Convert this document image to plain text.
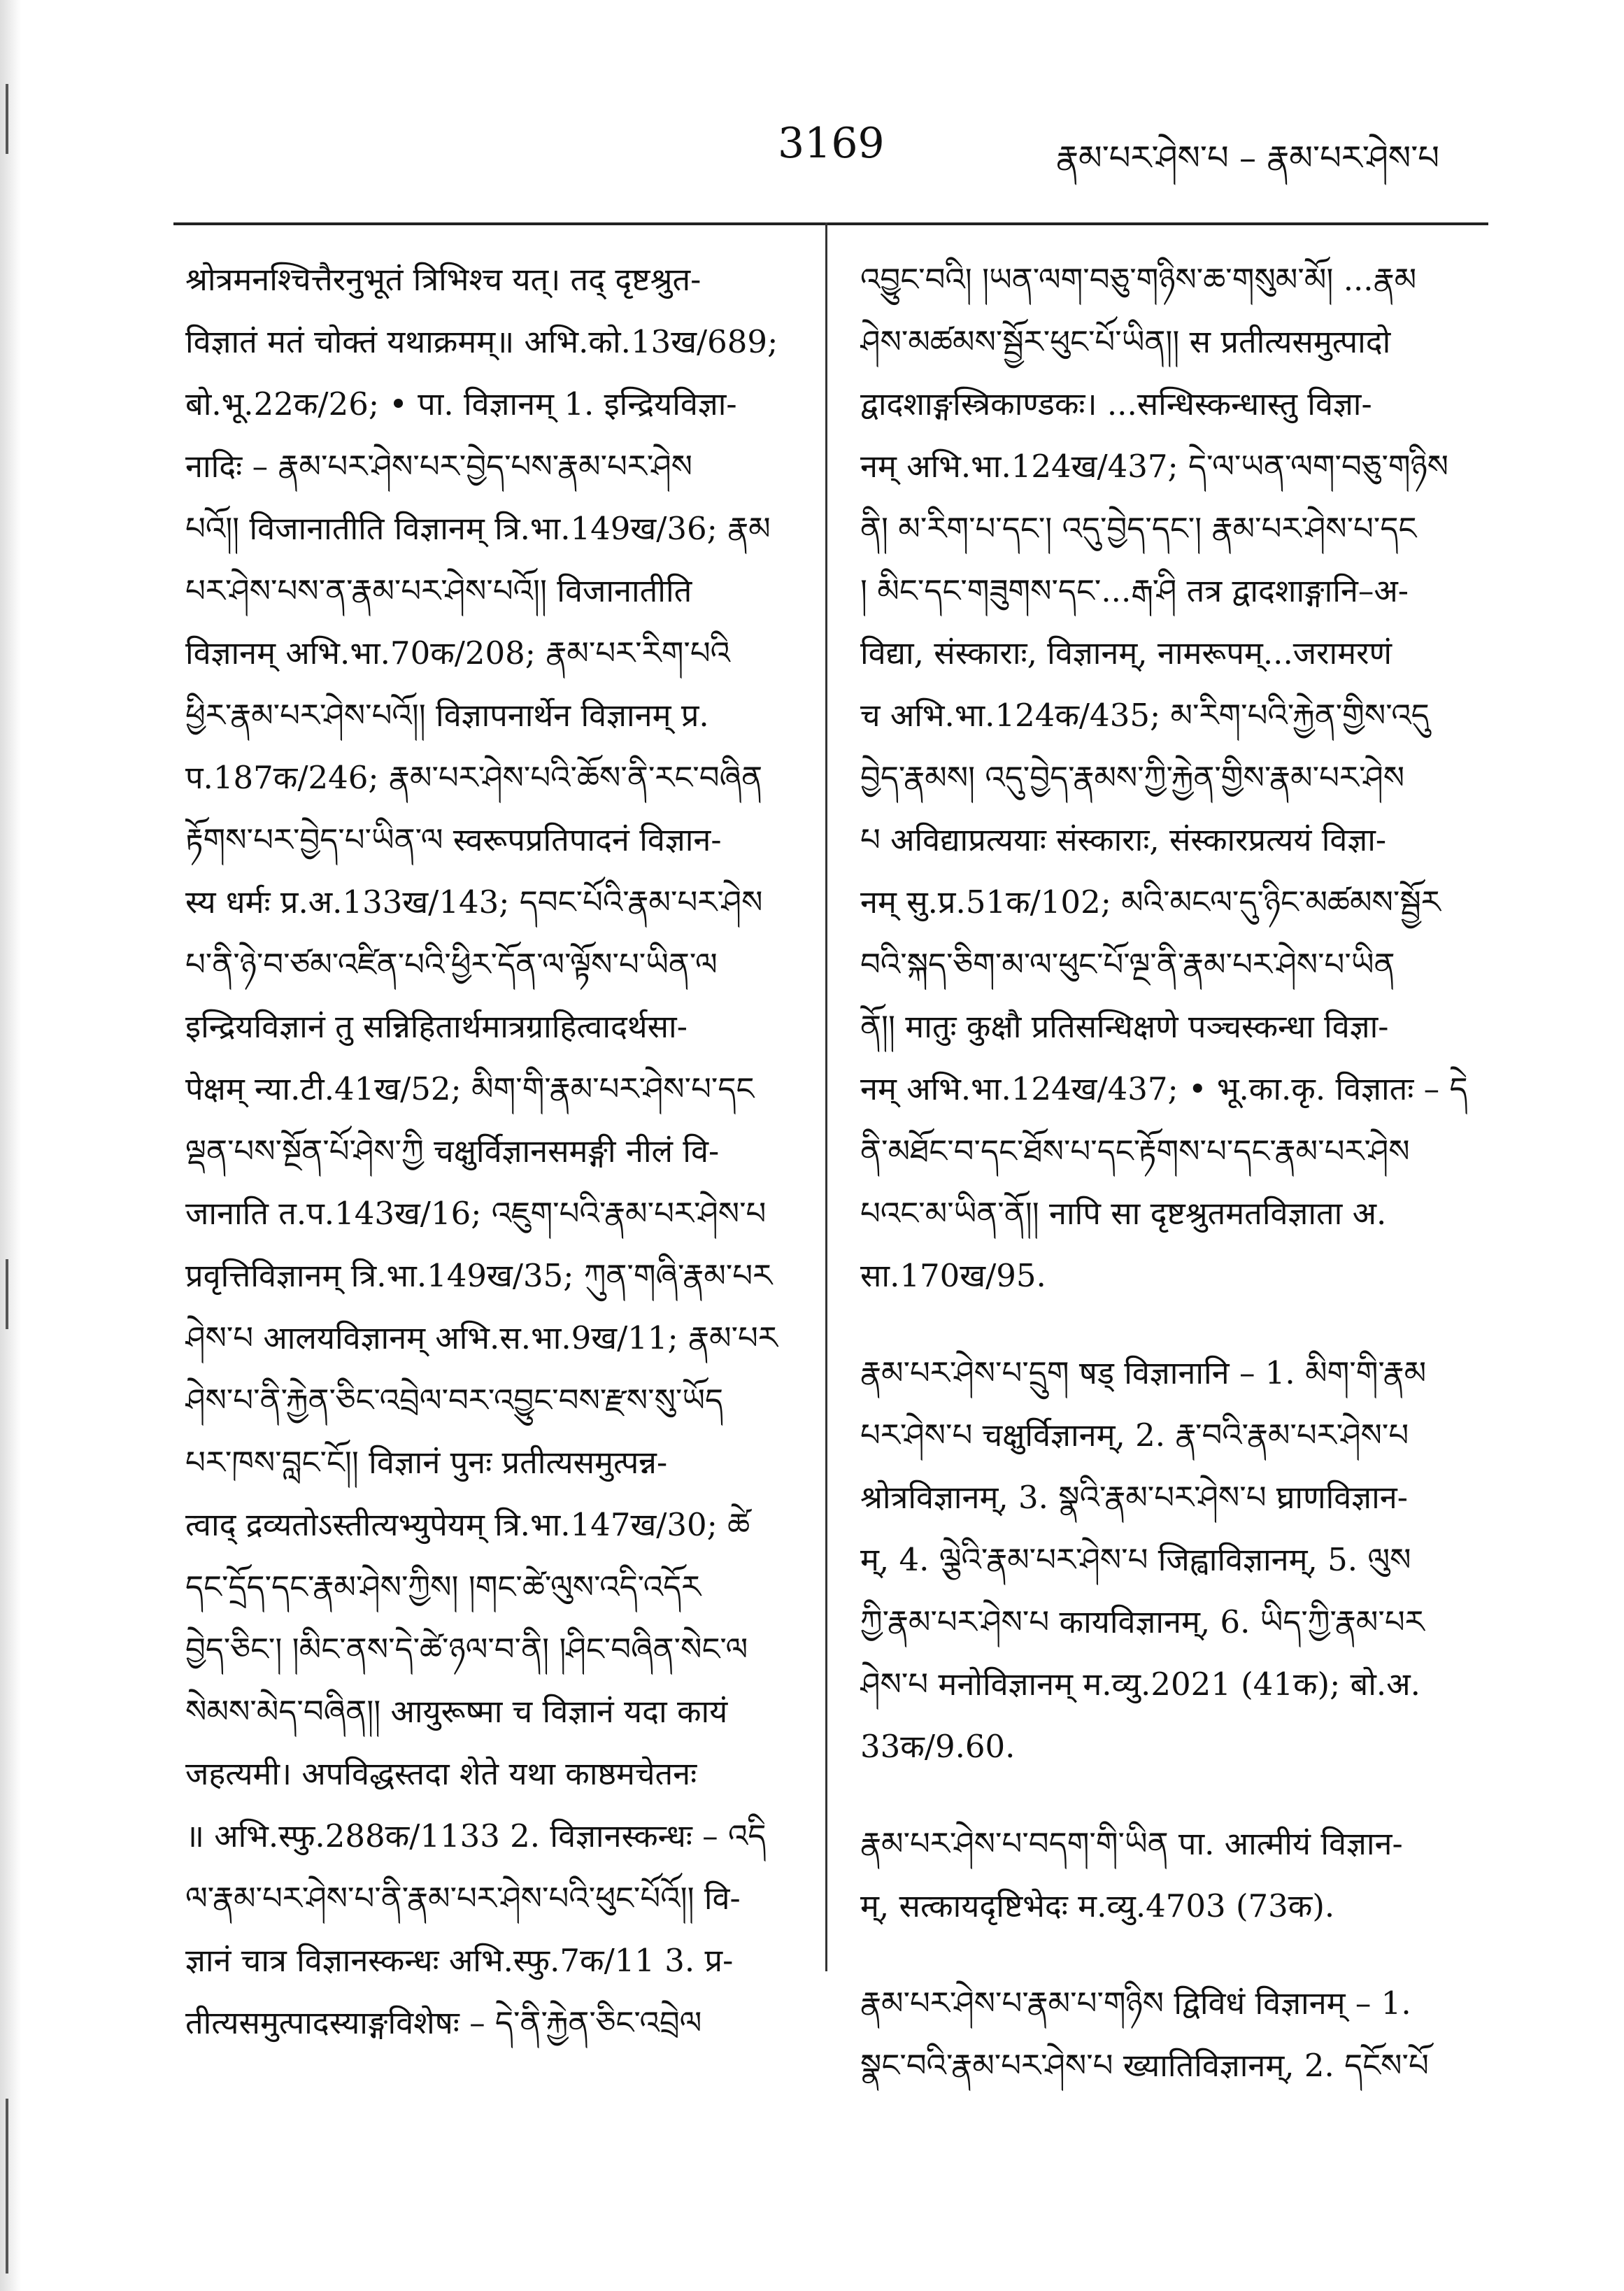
3169	རྣམ་པར་ཤེས་པ – རྣམ་པར་ཤེས་པ
श्रोत्रमनश्चित्तैरनुभूतं त्रिभिश्च यत्। तद् दृष्टश्रुत-
विज्ञातं मतं चोक्तं यथाक्रमम्॥ अभि.को.13ख/689;
बो.भू.22क/26; • पा. विज्ञानम् 1. इन्द्रियविज्ञा-
नादिः – རྣམ་པར་ཤེས་པར་བྱེད་པས་རྣམ་པར་ཤེས
པའོ།། विजानातीति विज्ञानम् त्रि.भा.149ख/36; རྣམ
པར་ཤེས་པས་ན་རྣམ་པར་ཤེས་པའོ།། विजानातीति
विज्ञानम् अभि.भा.70क/208; རྣམ་པར་རིག་པའི
ཕྱིར་རྣམ་པར་ཤེས་པའོ།། विज्ञापनार्थेन विज्ञानम् प्र.
प.187क/246; རྣམ་པར་ཤེས་པའི་ཆོས་ནི་རང་བཞིན
རྟོགས་པར་བྱེད་པ་ཡིན་ལ स्वरूपप्रतिपादनं विज्ञान-
स्य धर्मः प्र.अ.133ख/143; དབང་པོའི་རྣམ་པར་ཤེས
པ་ནི་ཉེ་བ་ཙམ་འཛིན་པའི་ཕྱིར་དོན་ལ་ལྟོས་པ་ཡིན་ལ
इन्द्रियविज्ञानं तु सन्निहितार्थमात्रग्राहित्वादर्थसा-
पेक्षम् न्या.टी.41ख/52; མིག་གི་རྣམ་པར་ཤེས་པ་དང
ལྡན་པས་སྔོན་པོ་ཤེས་ཀྱི चक्षुर्विज्ञानसमङ्गी नीलं वि-
जानाति त.प.143ख/16; འཇུག་པའི་རྣམ་པར་ཤེས་པ
प्रवृत्तिविज्ञानम् त्रि.भा.149ख/35; ཀུན་གཞི་རྣམ་པར
ཤེས་པ आलयविज्ञानम् अभि.स.भा.9ख/11; རྣམ་པར
ཤེས་པ་ནི་རྐྱེན་ཅིང་འབྲེལ་བར་འབྱུང་བས་རྫས་སུ་ཡོད
པར་ཁས་བླང་ངོ།། विज्ञानं पुनः प्रतीत्यसमुत्पन्न-
त्वाद् द्रव्यतोऽस्तीत्यभ्युपेयम् त्रि.भा.147ख/30; ཚེ
དང་དྲོད་དང་རྣམ་ཤེས་ཀྱིས། །གང་ཚེ་ལུས་འདི་འདོར
བྱེད་ཅིང་། །མིང་ནས་དེ་ཚེ་ཉལ་བ་ནི། །ཤིང་བཞིན་སེང་ལ
སེམས་མེད་བཞིན།། आयुरूष्मा च विज्ञानं यदा कायं
जहत्यमी। अपविद्धस्तदा शेते यथा काष्ठमचेतनः
॥ अभि.स्फु.288क/1133 2. विज्ञानस्कन्धः – འདི
ལ་རྣམ་པར་ཤེས་པ་ནི་རྣམ་པར་ཤེས་པའི་ཕུང་པོའོ།། वि-
ज्ञानं चात्र विज्ञानस्कन्धः अभि.स्फु.7क/11 3. प्र-
तीत्यसमुत्पादस्याङ्गविशेषः – དེ་ནི་རྐྱེན་ཅིང་འབྲེལ
འབྱུང་བའི། །ཡན་ལག་བཅུ་གཉིས་ཆ་གསུམ་མོ། ...རྣམ
ཤེས་མཚམས་སྦྱོར་ཕུང་པོ་ཡིན།། स प्रतीत्यसमुत्पादो
द्वादशाङ्गस्त्रिकाण्डकः। ...सन्धिस्कन्धास्तु विज्ञा-
नम् अभि.भा.124ख/437; དེ་ལ་ཡན་ལག་བཅུ་གཉིས
ནི། མ་རིག་པ་དང་། འདུ་བྱེད་དང་། རྣམ་པར་ཤེས་པ་དང
། མིང་དང་གཟུགས་དང་...རྒ་ཤི तत्र द्वादशाङ्गानि–अ-
विद्या, संस्काराः, विज्ञानम्, नामरूपम्...जरामरणं
च अभि.भा.124क/435; མ་རིག་པའི་རྐྱེན་གྱིས་འདུ
བྱེད་རྣམས། འདུ་བྱེད་རྣམས་ཀྱི་རྐྱེན་གྱིས་རྣམ་པར་ཤེས
པ अविद्याप्रत्ययाः संस्काराः, संस्कारप्रत्ययं विज्ञा-
नम् सु.प्र.51क/102; མའི་མངལ་དུ་ཉིང་མཚམས་སྦྱོར
བའི་སྐད་ཅིག་མ་ལ་ཕུང་པོ་ལྔ་ནི་རྣམ་པར་ཤེས་པ་ཡིན
ནོ།། मातुः कुक्षौ प्रतिसन्धिक्षणे पञ्चस्कन्धा विज्ञा-
नम् अभि.भा.124ख/437; • भू.का.कृ. विज्ञातः – དེ
ནི་མཐོང་བ་དང་ཐོས་པ་དང་རྟོགས་པ་དང་རྣམ་པར་ཤེས
པའང་མ་ཡིན་ནོ།། नापि सा दृष्टश्रुतमतविज्ञाता अ.
सा.170ख/95.
རྣམ་པར་ཤེས་པ་དྲུག षड् विज्ञानानि – 1. མིག་གི་རྣམ
པར་ཤེས་པ चक्षुर्विज्ञानम्, 2. རྣ་བའི་རྣམ་པར་ཤེས་པ
श्रोत्रविज्ञानम्, 3. སྣའི་རྣམ་པར་ཤེས་པ घ्राणविज्ञान-
म्, 4. ལྕེའི་རྣམ་པར་ཤེས་པ जिह्वाविज्ञानम्, 5. ལུས
ཀྱི་རྣམ་པར་ཤེས་པ कायविज्ञानम्, 6. ཡིད་ཀྱི་རྣམ་པར
ཤེས་པ मनोविज्ञानम् म.व्यु.2021 (41क); बो.अ.
33क/9.60.
རྣམ་པར་ཤེས་པ་བདག་གི་ཡིན पा. आत्मीयं विज्ञान-
म्, सत्कायदृष्टिभेदः म.व्यु.4703 (73क).
རྣམ་པར་ཤེས་པ་རྣམ་པ་གཉིས द्विविधं विज्ञानम् – 1.
སྣང་བའི་རྣམ་པར་ཤེས་པ ख्यातिविज्ञानम्, 2. དངོས་པོ
